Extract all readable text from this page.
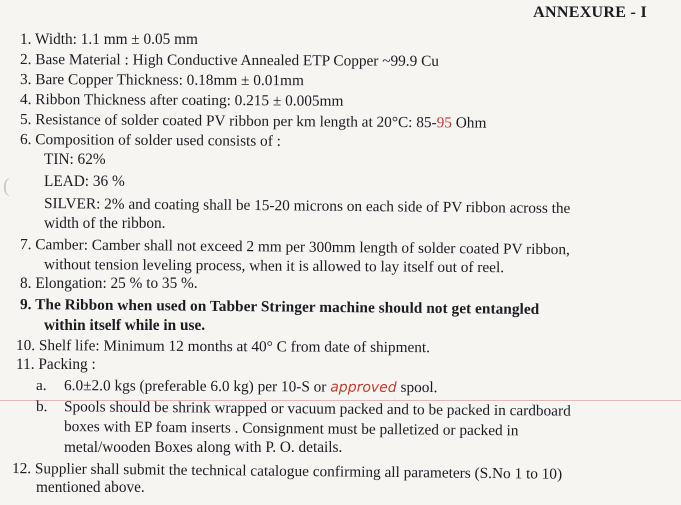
(
ANNEXURE - I
1. Width: 1.1 mm ± 0.05 mm
2. Base Material : High Conductive Annealed ETP Copper ~99.9 Cu
3. Bare Copper Thickness: 0.18mm ± 0.01mm
4. Ribbon Thickness after coating: 0.215 ± 0.005mm
5. Resistance of solder coated PV ribbon per km length at 20°C: 85-95 Ohm
6. Composition of solder used consists of :
TIN: 62%
LEAD: 36 %
SILVER: 2% and coating shall be 15-20 microns on each side of PV ribbon across the
width of the ribbon.
7. Camber: Camber shall not exceed 2 mm per 300mm length of solder coated PV ribbon,
without tension leveling process, when it is allowed to lay itself out of reel.
8. Elongation: 25 % to 35 %.
9. The Ribbon when used on Tabber Stringer machine should not get entangled
within itself while in use.
10. Shelf life: Minimum 12 months at 40° C from date of shipment.
11. Packing :
a. 6.0±2.0 kgs (preferable 6.0 kg) per 10-S or approved spool.
b. Spools should be shrink wrapped or vacuum packed and to be packed in cardboard
boxes with EP foam inserts . Consignment must be palletized or packed in
metal/wooden Boxes along with P. O. details.
12. Supplier shall submit the technical catalogue confirming all parameters (S.No 1 to 10)
mentioned above.
